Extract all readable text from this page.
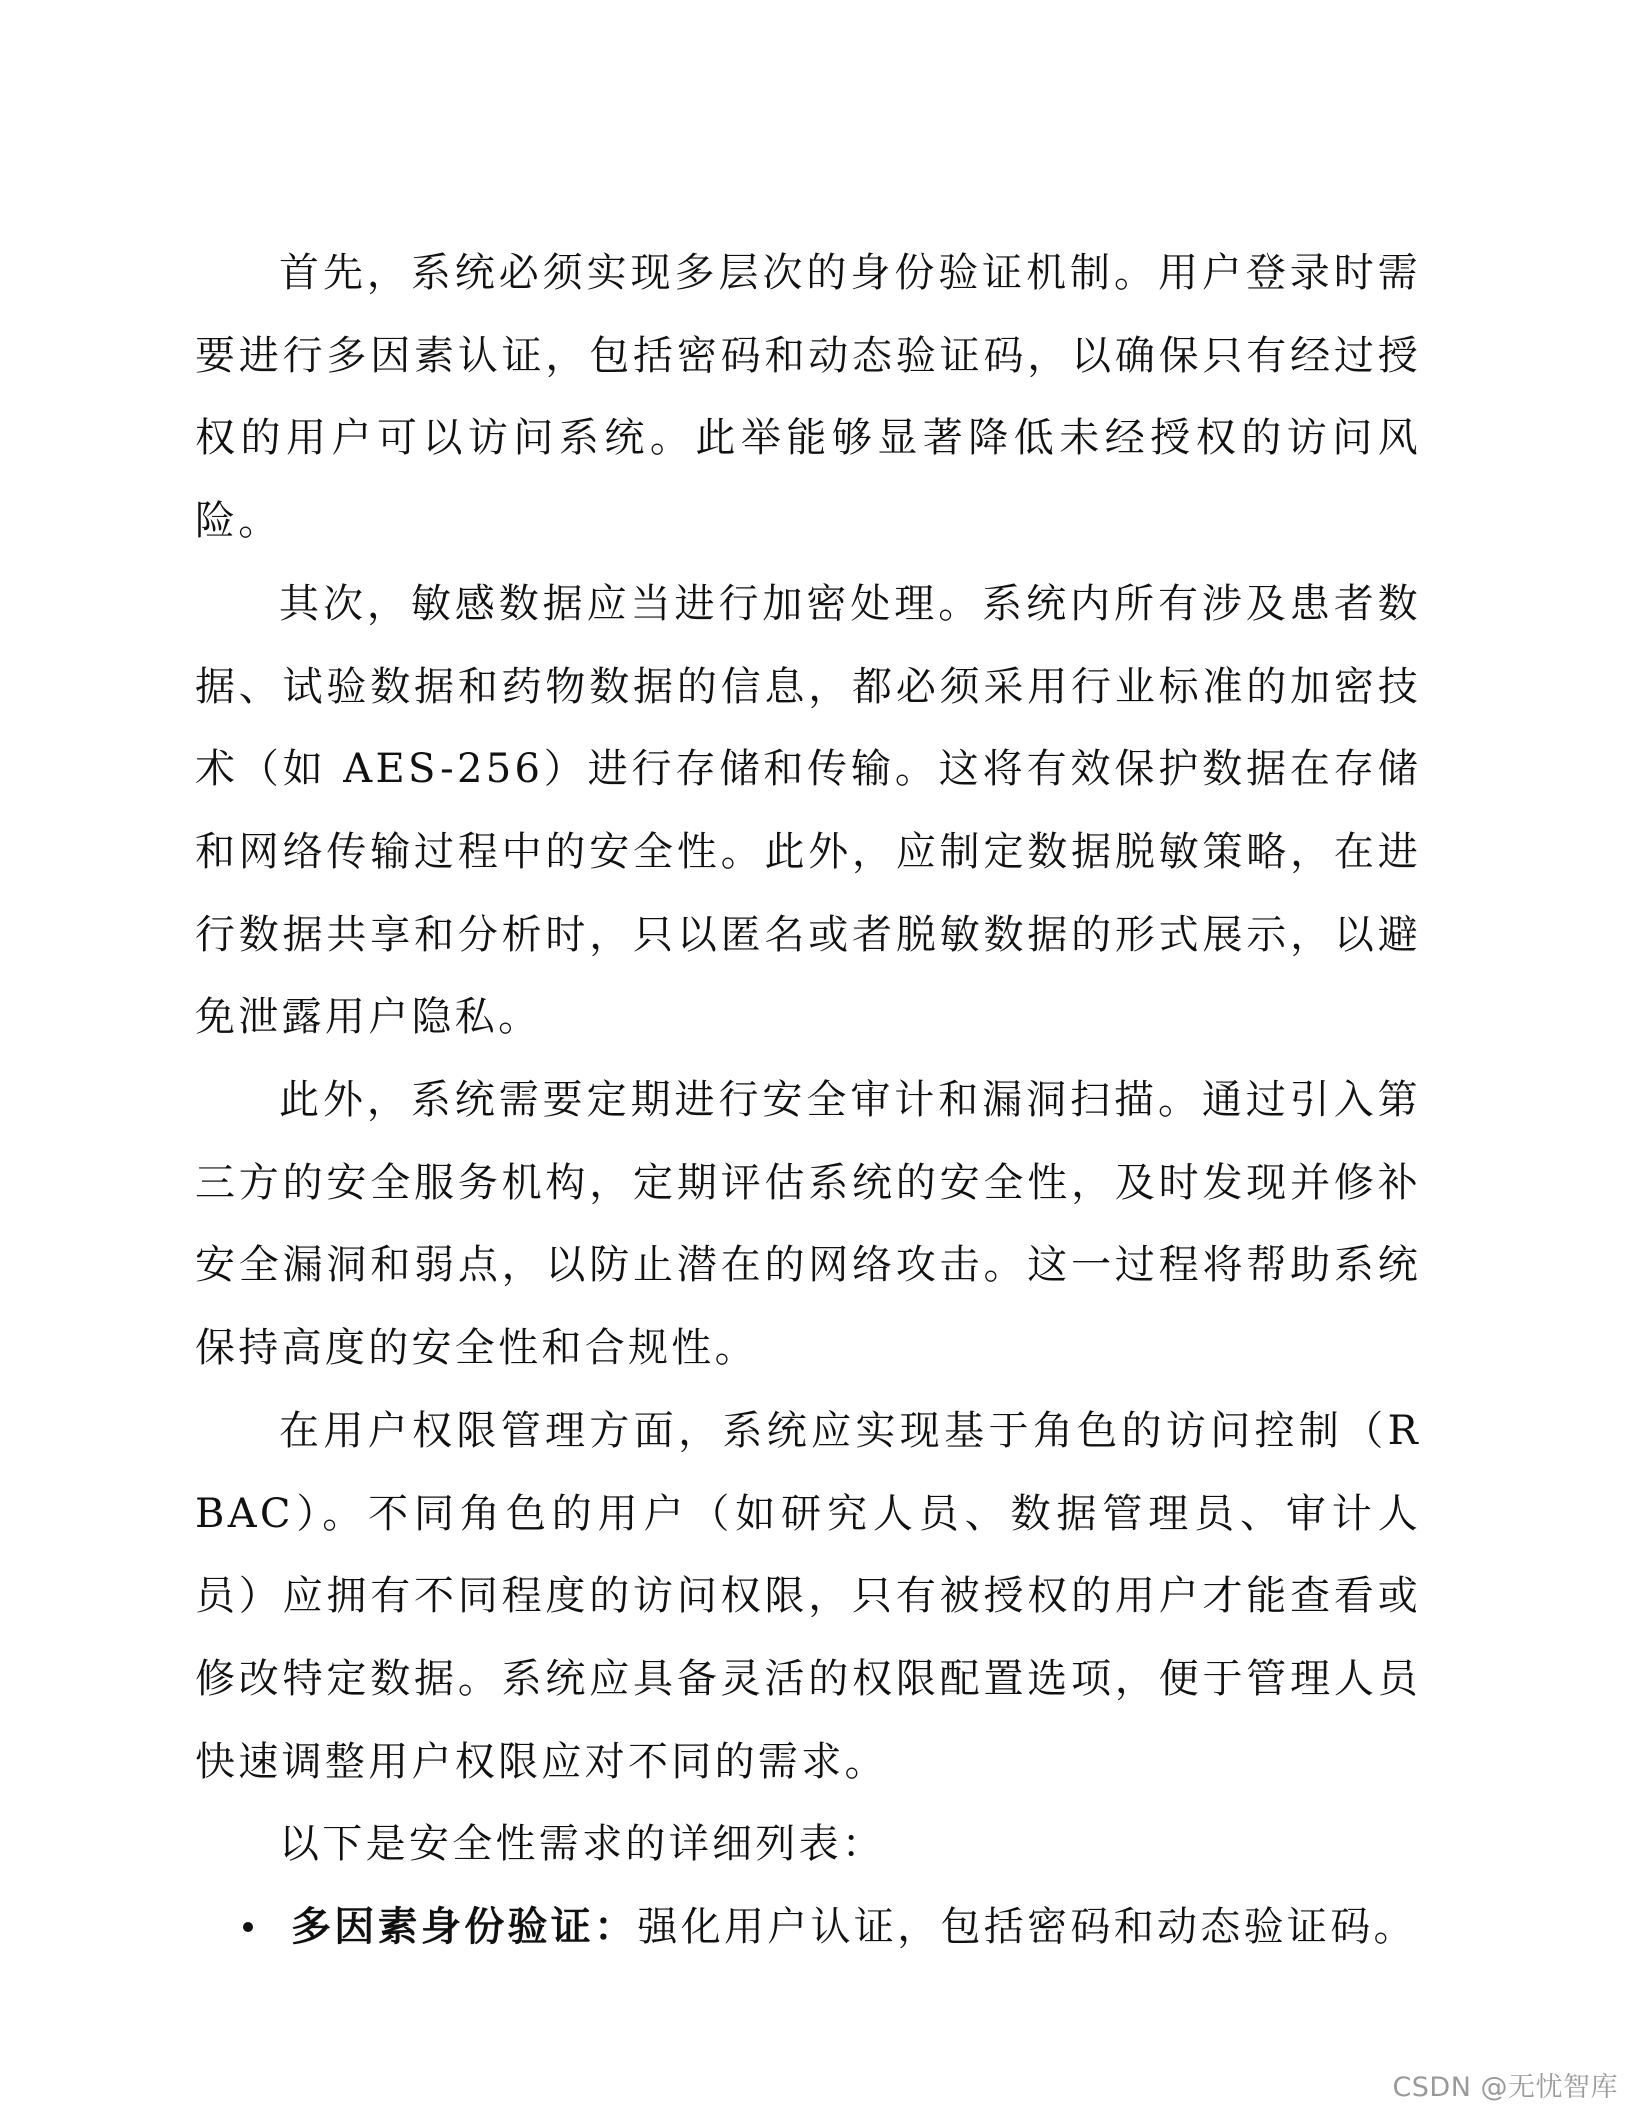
首先，系统必须实现多层次的身份验证机制。用户登录时需要进行多因素认证，包括密码和动态验证码，以确保只有经过授权的用户可以访问系统。此举能够显著降低未经授权的访问风险。

其次，敏感数据应当进行加密处理。系统内所有涉及患者数据、试验数据和药物数据的信息，都必须采用行业标准的加密技术（如 AES-256）进行存储和传输。这将有效保护数据在存储和网络传输过程中的安全性。此外，应制定数据脱敏策略，在进行数据共享和分析时，只以匿名或者脱敏数据的形式展示，以避免泄露用户隐私。

此外，系统需要定期进行安全审计和漏洞扫描。通过引入第三方的安全服务机构，定期评估系统的安全性，及时发现并修补安全漏洞和弱点，以防止潜在的网络攻击。这一过程将帮助系统保持高度的安全性和合规性。

在用户权限管理方面，系统应实现基于角色的访问控制（RBAC）。不同角色的用户（如研究人员、数据管理员、审计人员）应拥有不同程度的访问权限，只有被授权的用户才能查看或修改特定数据。系统应具备灵活的权限配置选项，便于管理人员快速调整用户权限应对不同的需求。

以下是安全性需求的详细列表：

多因素身份验证：强化用户认证，包括密码和动态验证码。
CSDN @无忧智库
